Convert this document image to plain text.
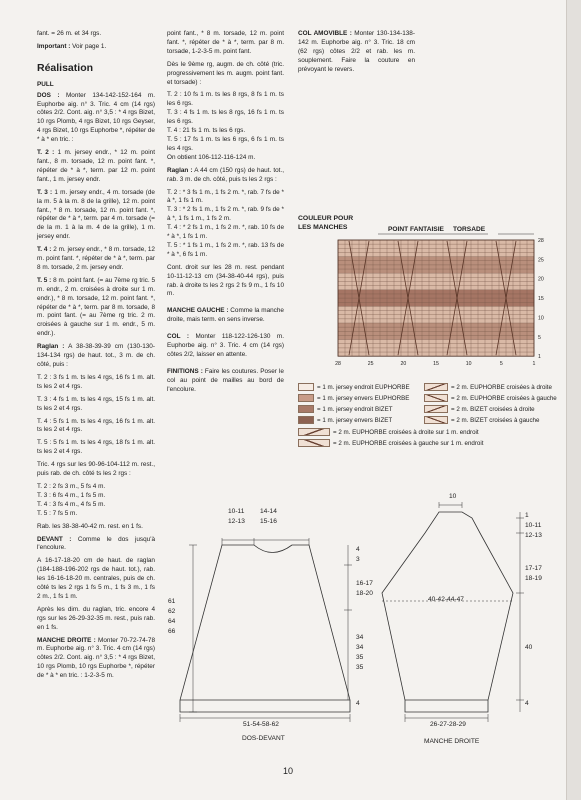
fant. = 26 m. et 34 rgs.

Important : Voir page 1.

Réalisation

PULL

DOS : Monter 134-142-152-164 m. Euphorbe aig. n° 3. Tric. 4 cm (14 rgs) côtes 2/2. Cont. aig. n° 3,5 : * 4 rgs Bizet, 10 rgs Plomb, 4 rgs Bizet, 10 rgs Geyser, 4 rgs Bizet, 10 rgs Euphorbe *, répéter de * à * en tric. :

T. 2 : 1 m. jersey endr., * 12 m. point fant., 8 m. torsade, 12 m. point fant. *, répéter de * à *, term. par 12 m. point fant., 1 m. jersey endr.

T. 3 : 1 m. jersey endr., 4 m. torsade (de la m. 5 à la m. 8 de la grille), 12 m. point fant., * 8 m. torsade, 12 m. point fant. *, répéter de * à *, term. par 4 m. torsade (= de la m. 1 à la m. 4 de la grille), 1 m. jersey endr.

T. 4 : 2 m. jersey endr., * 8 m. torsade, 12 m. point fant. *, répéter de * à *, term. par 8 m. torsade, 2 m. jersey endr.

T. 5 : 8 m. point fant. (= au 7ème rg tric. 5 m. endr., 2 m. croisées à droite sur 1 m. endr.), * 8 m. torsade, 12 m. point fant. *, répéter de * à *, term. par 8 m. torsade, 8 m. point fant. (= au 7ème rg tric. 2 m. croisées à gauche sur 1 m. endr., 5 m. endr.).

Raglan : A 38-38-39-39 cm (130-130-134-134 rgs) de haut. tot., 3 m. de ch. côté, puis :

T. 2 : 3 fs 1 m. ts les 4 rgs, 16 fs 1 m. alt. ts les 2 et 4 rgs.

T. 3 : 4 fs 1 m. ts les 4 rgs, 15 fs 1 m. alt. ts les 2 et 4 rgs.

T. 4 : 5 fs 1 m. ts les 4 rgs, 16 fs 1 m. alt. ts les 2 et 4 rgs.

T. 5 : 5 fs 1 m. ts les 4 rgs, 18 fs 1 m. alt. ts les 2 et 4 rgs.

Tric. 4 rgs sur les 90-96-104-112 m. rest., puis rab. de ch. côté ts les 2 rgs :

T. 2 : 2 fs 3 m., 5 fs 4 m.

T. 3 : 6 fs 4 m., 1 fs 5 m.

T. 4 : 3 fs 4 m., 4 fs 5 m.

T. 5 : 7 fs 5 m.

Rab. les 38-38-40-42 m. rest. en 1 fs.

DEVANT : Comme le dos jusqu'à l'encolure.

A 16-17-18-20 cm de haut. de raglan (184-188-196-202 rgs de haut. tot.), rab. les 16-16-18-20 m. centrales, puis de ch. côté ts les 2 rgs 1 fs 5 m., 1 fs 3 m., 1 fs 2 m., 1 fs 1 m.

Après les dim. du raglan, tric. encore 4 rgs sur les 26-29-32-35 m. rest., puis rab. en 1 fs.

MANCHE DROITE : Monter 70-72-74-78 m. Euphorbe aig. n° 3. Tric. 4 cm (14 rgs) côtes 2/2. Cont. aig. n° 3,5 : * 4 rgs Bizet, 10 rgs Plomb, 10 rgs Euphorbe *, répéter de * à * en tric. : 1-2-3-5 m.

point fant., * 8 m. torsade, 12 m. point fant. *, répéter de * à *, term. par 8 m. torsade, 1-2-3-5 m. point fant.

Dès le 9ème rg, augm. de ch. côté (tric. progressivement les m. augm. point fant. et torsade) :

T. 2 : 10 fs 1 m. ts les 8 rgs, 8 fs 1 m. ts les 6 rgs.

T. 3 : 4 fs 1 m. ts les 8 rgs, 16 fs 1 m. ts les 6 rgs.

T. 4 : 21 fs 1 m. ts les 6 rgs.

T. 5 : 17 fs 1 m. ts les 6 rgs, 6 fs 1 m. ts les 4 rgs.

On obtient 106-112-116-124 m.

Raglan : A 44 cm (150 rgs) de haut. tot., rab. 3 m. de ch. côté, puis ts les 2 rgs :

T. 2 : * 3 fs 1 m., 1 fs 2 m. *, rab. 7 fs de * à *, 1 fs 1 m.

T. 3 : * 2 fs 1 m., 1 fs 2 m. *, rab. 9 fs de * à *, 1 fs 1 m., 1 fs 2 m.

T. 4 : * 2 fs 1 m., 1 fs 2 m. *, rab. 10 fs de * à *, 1 fs 1 m.

T. 5 : * 1 fs 1 m., 1 fs 2 m. *, rab. 13 fs de * à *, 6 fs 1 m.

Cont. droit sur les 28 m. rest. pendant 10-11-12-13 cm (34-38-40-44 rgs), puis rab. à droite ts les 2 rgs 2 fs 9 m., 1 fs 10 m.

MANCHE GAUCHE : Comme la manche droite, mais term. en sens inverse.

COL : Monter 118-122-126-130 m. Euphorbe aig. n° 3. Tric. 4 cm (14 rgs) côtes 2/2, laisser en attente.

FINITIONS : Faire les coutures. Poser le col au point de mailles au bord de l'encolure.

COL AMOVIBLE : Monter 130-134-138-142 m. Euphorbe aig. n° 3. Tric. 18 cm (62 rgs) côtes 2/2 et rab. les m. souplement. Faire la couture en prévoyant le revers.

COULEUR POUR
LES MANCHES	POINT FANTAISIE TORSADE
28	25	20	15	10	5	1
28
25
20
15
10
5
1
= 1 m. jersey endroit EUPHORBE
= 1 m. jersey envers EUPHORBE
= 1 m. jersey endroit BIZET
= 1 m. jersey envers BIZET
= 2 m. EUPHORBE croisées à droite
= 2 m. EUPHORBE croisées à gauche
= 2 m. BIZET croisées à droite
= 2 m. BIZET croisées à gauche
= 2 m. EUPHORBE croisées à droite sur 1 m. endroit
= 2 m. EUPHORBE croisées à gauche sur 1 m. endroit
10-11
12-13
14-14
15-16
61
62
64
66
4
3
16-17
18-20
34
34
35
35
4
51-54-58-62
DOS-DEVANT
10
1
10-11
12-13
17-17
18-19
40-42-44-47
40
4
26-27-28-29
MANCHE DROITE
10
